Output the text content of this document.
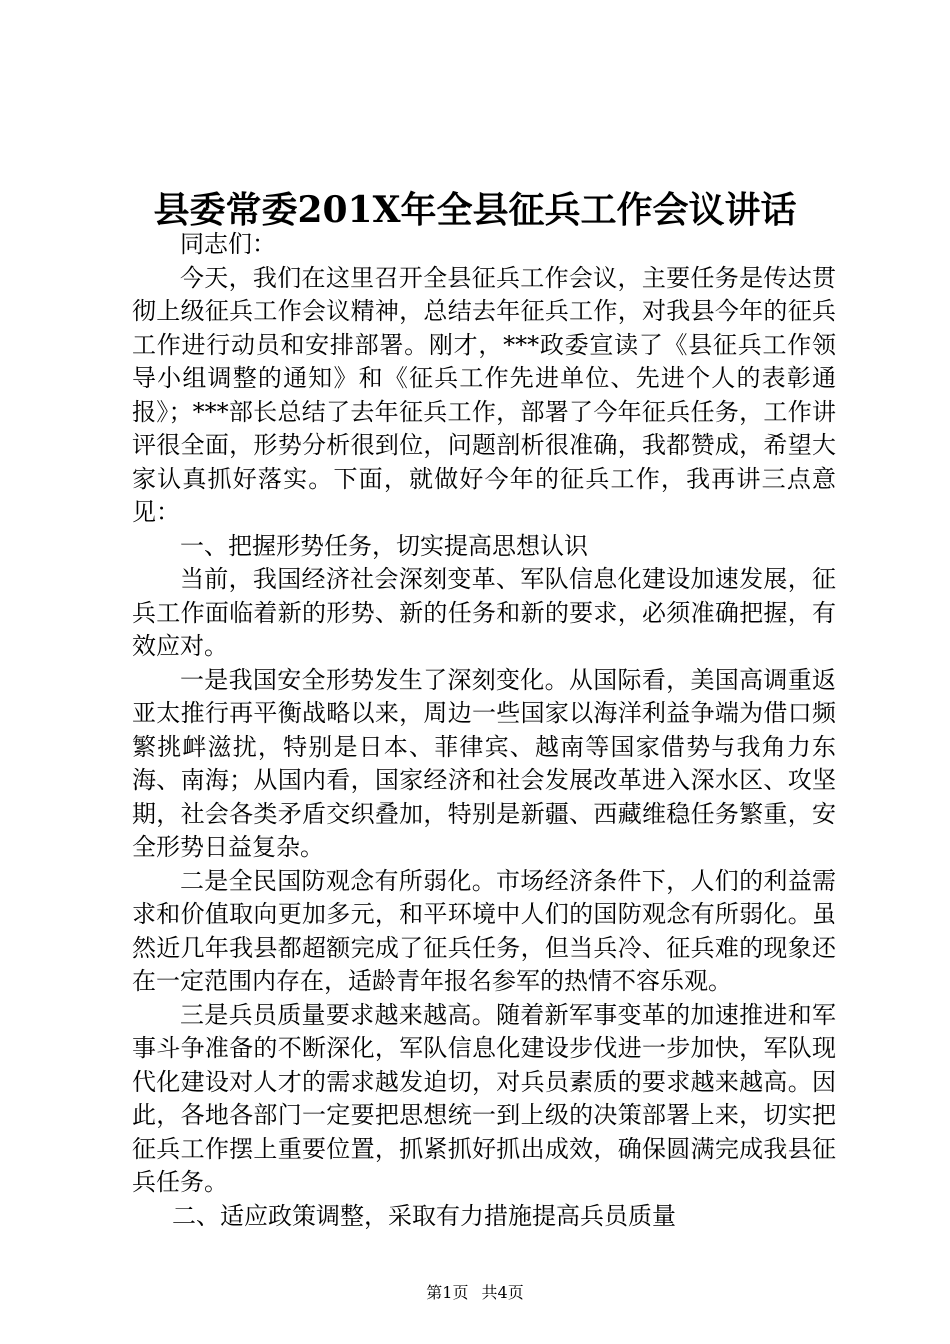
县委常委201X年全县征兵工作会议讲话

同志们：

今天，我们在这里召开全县征兵工作会议，主要任务是传达贯彻上级征兵工作会议精神，总结去年征兵工作，对我县今年的征兵工作进行动员和安排部署。刚才，***政委宣读了《县征兵工作领导小组调整的通知》和《征兵工作先进单位、先进个人的表彰通报》；***部长总结了去年征兵工作，部署了今年征兵任务，工作讲评很全面，形势分析很到位，问题剖析很准确，我都赞成，希望大家认真抓好落实。下面，就做好今年的征兵工作，我再讲三点意见：

一、把握形势任务，切实提高思想认识

当前，我国经济社会深刻变革、军队信息化建设加速发展，征兵工作面临着新的形势、新的任务和新的要求，必须准确把握，有效应对。

一是我国安全形势发生了深刻变化。从国际看，美国高调重返亚太推行再平衡战略以来，周边一些国家以海洋利益争端为借口频繁挑衅滋扰，特别是日本、菲律宾、越南等国家借势与我角力东海、南海；从国内看，国家经济和社会发展改革进入深水区、攻坚期，社会各类矛盾交织叠加，特别是新疆、西藏维稳任务繁重，安全形势日益复杂。

二是全民国防观念有所弱化。市场经济条件下，人们的利益需求和价值取向更加多元，和平环境中人们的国防观念有所弱化。虽然近几年我县都超额完成了征兵任务，但当兵冷、征兵难的现象还在一定范围内存在，适龄青年报名参军的热情不容乐观。

三是兵员质量要求越来越高。随着新军事变革的加速推进和军事斗争准备的不断深化，军队信息化建设步伐进一步加快，军队现代化建设对人才的需求越发迫切，对兵员素质的要求越来越高。因此，各地各部门一定要把思想统一到上级的决策部署上来，切实把征兵工作摆上重要位置，抓紧抓好抓出成效，确保圆满完成我县征兵任务。

二、适应政策调整，采取有力措施提高兵员质量

第1页 共4页
